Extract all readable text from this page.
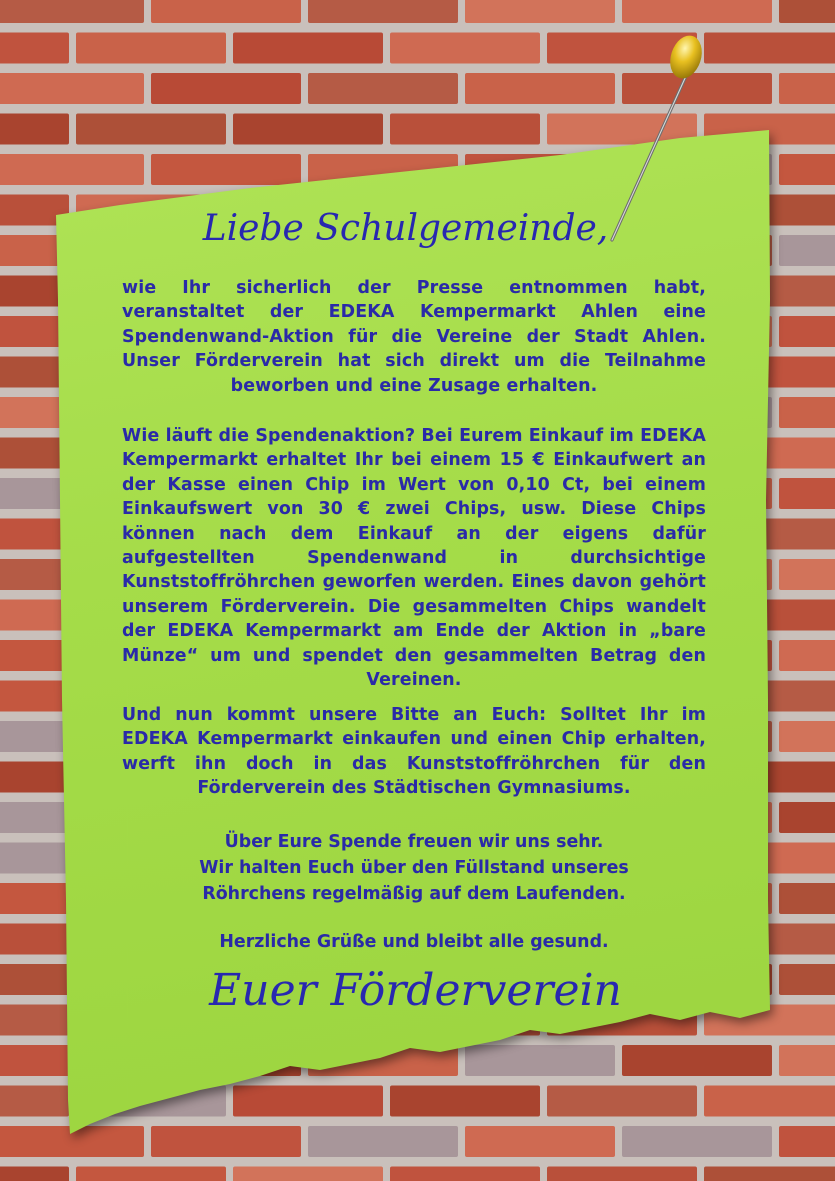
Liebe Schulgemeinde,
wie Ihr sicherlich der Presse entnommen habt, veranstaltet der EDEKA Kempermarkt Ahlen eine Spendenwand-Aktion für die Vereine der Stadt Ahlen. Unser Förderverein hat sich direkt um die Teilnahme beworben und eine Zusage erhalten.
Wie läuft die Spendenaktion? Bei Eurem Einkauf im EDEKA Kempermarkt erhaltet Ihr bei einem 15 € Einkaufwert an der Kasse einen Chip im Wert von 0,10 Ct, bei einem Einkaufswert von 30 € zwei Chips, usw. Diese Chips können nach dem Einkauf an der eigens dafür aufgestellten Spendenwand in durchsichtige Kunststoffröhrchen geworfen werden. Eines davon gehört unserem Förderverein. Die gesammelten Chips wandelt der EDEKA Kempermarkt am Ende der Aktion in „bare Münze“ um und spendet den gesammelten Betrag den Vereinen.
Und nun kommt unsere Bitte an Euch: Solltet Ihr im EDEKA Kempermarkt einkaufen und einen Chip erhalten, werft ihn doch in das Kunststoffröhrchen für den Förderverein des Städtischen Gymnasiums.
Über Eure Spende freuen wir uns sehr.
Wir halten Euch über den Füllstand unseres
Röhrchens regelmäßig auf dem Laufenden.
Herzliche Grüße und bleibt alle gesund.
Euer Förderverein
